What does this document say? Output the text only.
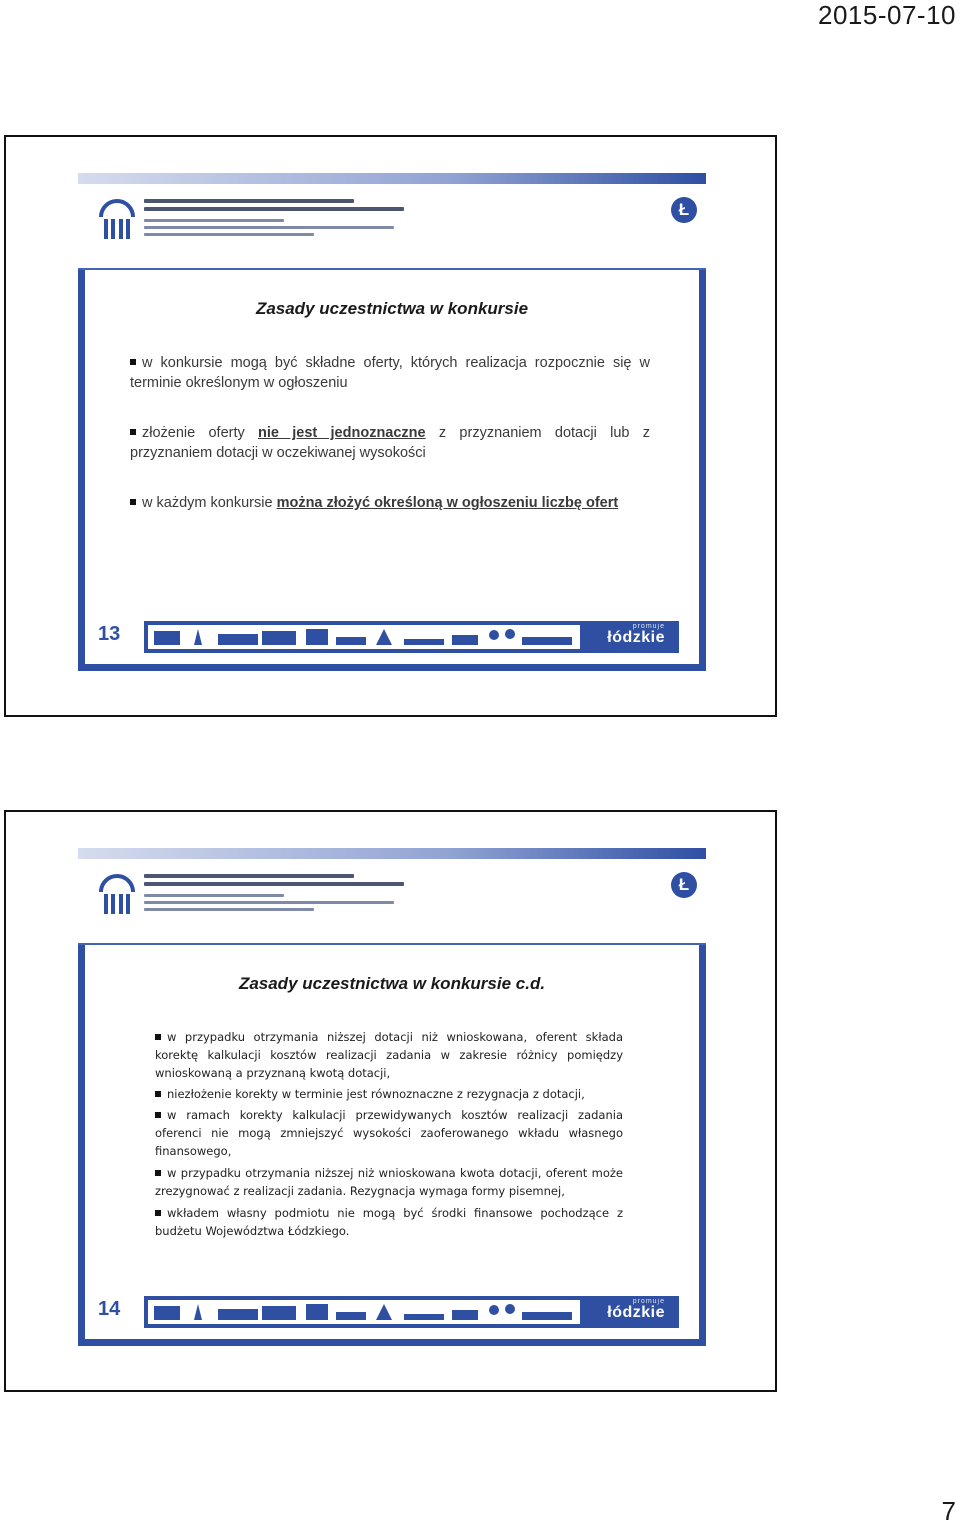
2015-07-10
Ł
Zasady uczestnictwa w konkursie
w konkursie mogą być składne oferty, których realizacja rozpocznie się w terminie określonym w ogłoszeniu
złożenie oferty nie jest jednoznaczne z przyznaniem dotacji lub z przyznaniem dotacji w oczekiwanej wysokości
w każdym konkursie można złożyć określoną w ogłoszeniu liczbę ofert
13	promuje
łódzkie
Ł
Zasady uczestnictwa w konkursie c.d.
w przypadku otrzymania niższej dotacji niż wnioskowana, oferent składa korektę kalkulacji kosztów realizacji zadania w zakresie różnicy pomiędzy wnioskowaną a przyznaną kwotą dotacji,
niezłożenie korekty w terminie jest równoznaczne z rezygnacja z dotacji,
w ramach korekty kalkulacji przewidywanych kosztów realizacji zadania oferenci nie mogą zmniejszyć wysokości zaoferowanego wkładu własnego finansowego,
w przypadku otrzymania niższej niż wnioskowana kwota dotacji, oferent może zrezygnować z realizacji zadania. Rezygnacja wymaga formy pisemnej,
wkładem własny podmiotu nie mogą być środki finansowe pochodzące z budżetu Województwa Łódzkiego.
14	promuje
łódzkie
7
